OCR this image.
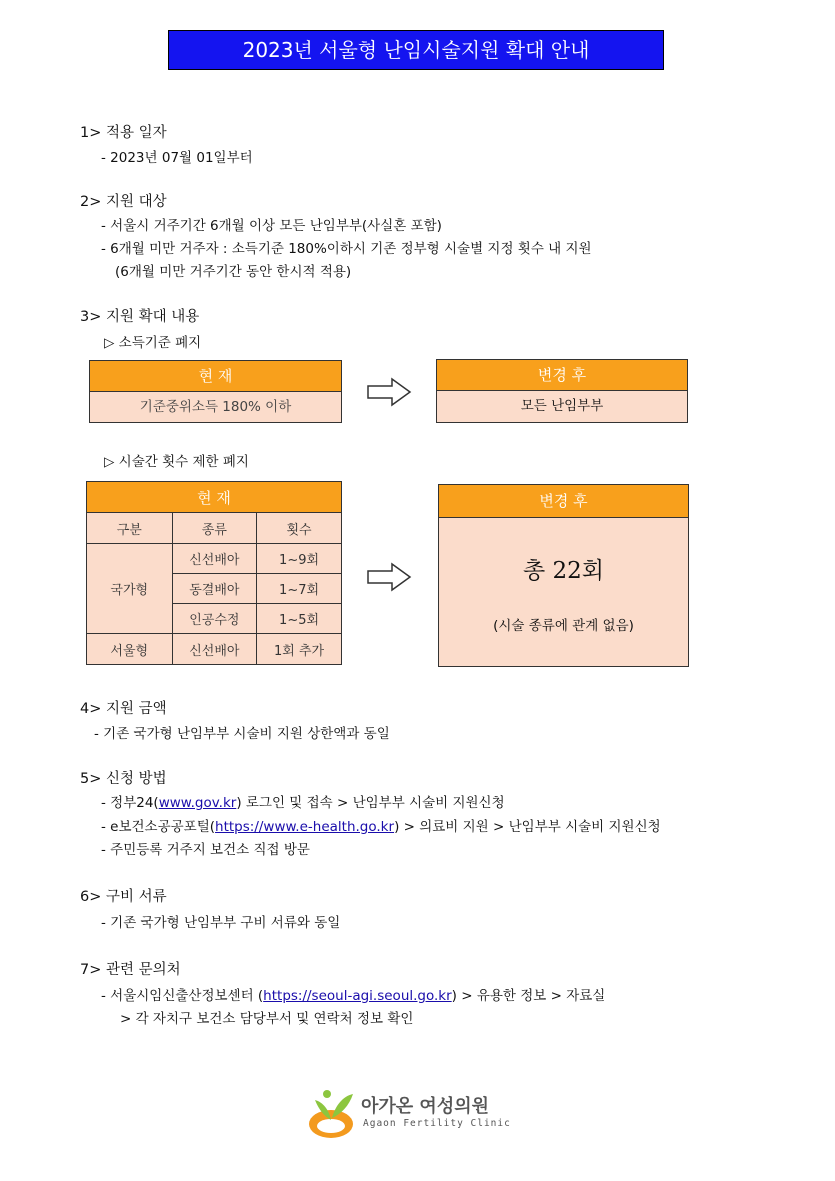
2023년 서울형 난임시술지원 확대 안내
1> 적용 일자
- 2023년 07월 01일부터
2> 지원 대상
- 서울시 거주기간 6개월 이상 모든 난임부부(사실혼 포함)
- 6개월 미만 거주자 : 소득기준 180%이하시 기존 정부형 시술별 지정 횟수 내 지원
(6개월 미만 거주기간 동안 한시적 적용)
3> 지원 확대 내용
▷ 소득기준 폐지
현 재
기준중위소득 180% 이하
변경 후
모든 난임부부
▷ 시술간 횟수 제한 폐지
현 재		
구분	종류	횟수
국가형	신선배아	1~9회
	동결배아	1~7회
	인공수정	1~5회
서울형	신선배아	1회 추가
변경 후
총 22회
(시술 종류에 관계 없음)
4> 지원 금액
- 기존 국가형 난임부부 시술비 지원 상한액과 동일
5> 신청 방법
- 정부24(www.gov.kr) 로그인 및 접속 > 난임부부 시술비 지원신청
- e보건소공공포털(https://www.e-health.go.kr) > 의료비 지원 > 난임부부 시술비 지원신청
- 주민등록 거주지 보건소 직접 방문
6> 구비 서류
- 기존 국가형 난임부부 구비 서류와 동일
7> 관련 문의처
- 서울시임신출산정보센터 (https://seoul-agi.seoul.go.kr) > 유용한 정보 > 자료실
> 각 자치구 보건소 담당부서 및 연락처 정보 확인
아가온 여성의원
Agaon Fertility Clinic
